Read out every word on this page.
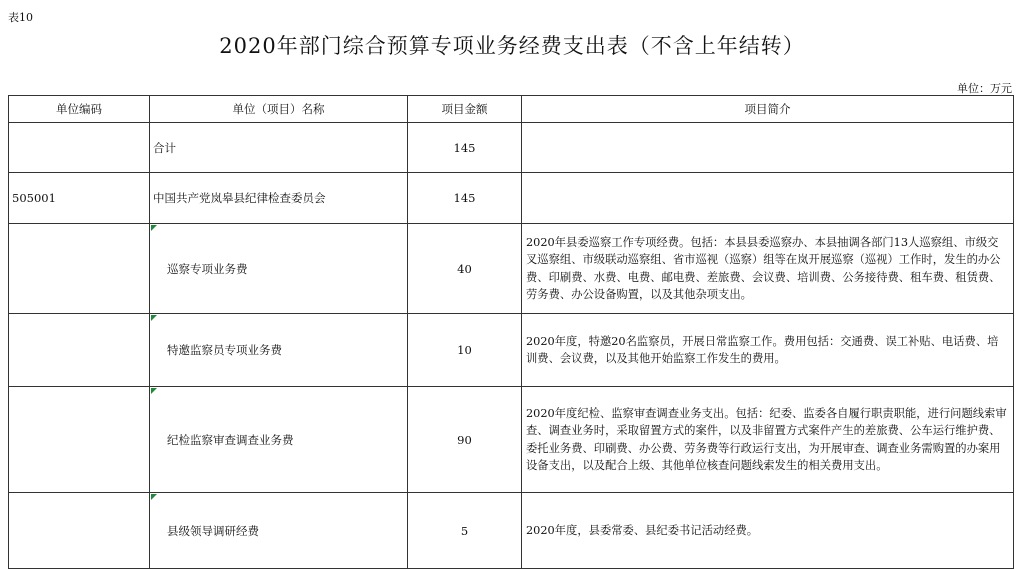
表10
2020年部门综合预算专项业务经费支出表（不含上年结转）
单位：万元
单位编码	单位（项目）名称	项目金额	项目简介
	合计	145	
505001	中国共产党岚皋县纪律检查委员会	145	
	巡察专项业务费	40	2020年县委巡察工作专项经费。包括：本县县委巡察办、本县抽调各部门13人巡察组、市级交叉巡察组、市级联动巡察组、省市巡视（巡察）组等在岚开展巡察（巡视）工作时，发生的办公费、印刷费、水费、电费、邮电费、差旅费、会议费、培训费、公务接待费、租车费、租赁费、劳务费、办公设备购置，以及其他杂项支出。
	特邀监察员专项业务费	10	2020年度，特邀20名监察员，开展日常监察工作。费用包括：交通费、误工补贴、电话费、培训费、会议费，以及其他开始监察工作发生的费用。
	纪检监察审查调查业务费	90	2020年度纪检、监察审查调查业务支出。包括：纪委、监委各自履行职责职能，进行问题线索审查、调查业务时，采取留置方式的案件，以及非留置方式案件产生的差旅费、公车运行维护费、委托业务费、印刷费、办公费、劳务费等行政运行支出，为开展审查、调查业务需购置的办案用设备支出，以及配合上级、其他单位核查问题线索发生的相关费用支出。
	县级领导调研经费	5	2020年度，县委常委、县纪委书记活动经费。
